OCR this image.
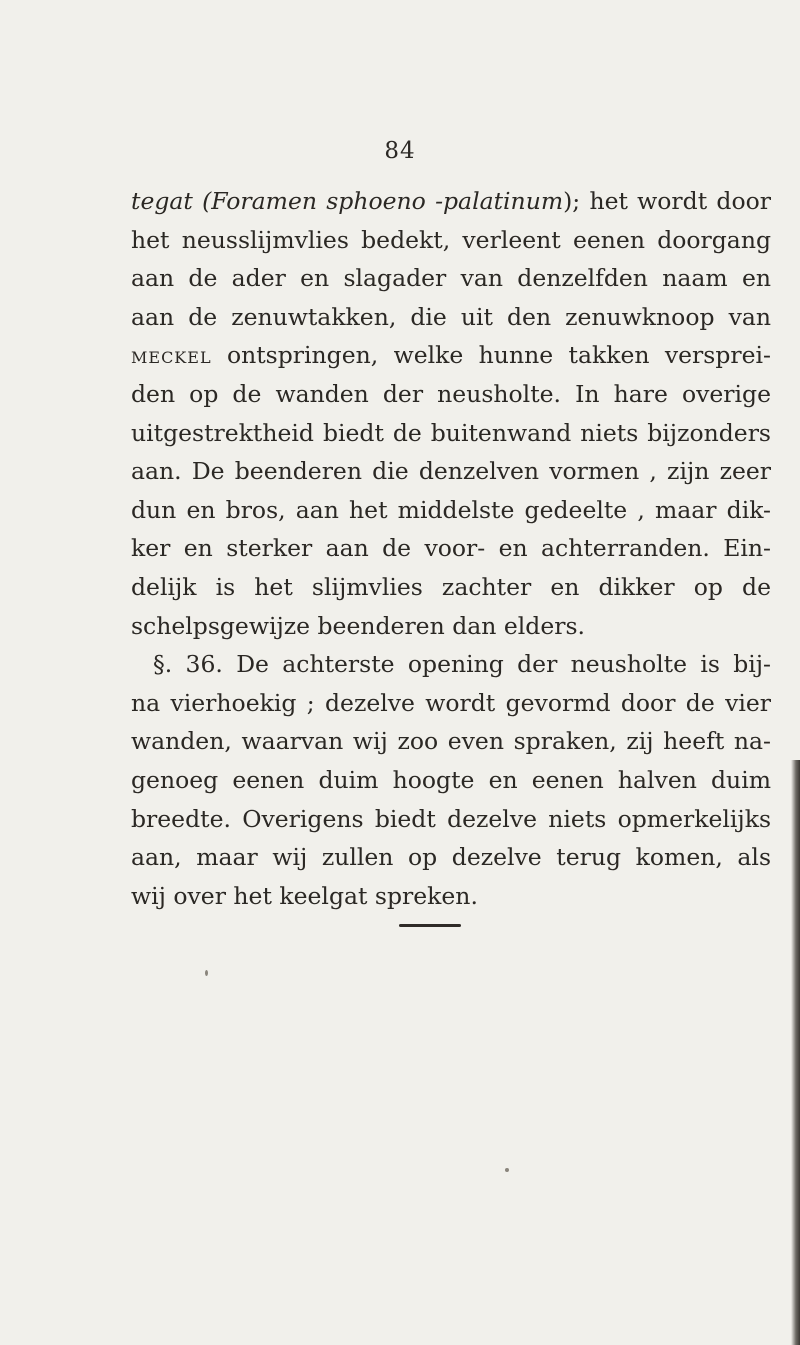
84
tegat (Foramen sphoeno -palatinum); het wordt door
het neusslijmvlies bedekt, verleent eenen doorgang
aan de ader en slagader van denzelfden naam en
aan de zenuwtakken, die uit den zenuwknoop van
meckel ontspringen, welke hunne takken versprei-
den op de wanden der neusholte. In hare overige
uitgestrektheid biedt de buitenwand niets bijzonders
aan. De beenderen die denzelven vormen , zijn zeer
dun en bros, aan het middelste gedeelte , maar dik-
ker en sterker aan de voor- en achterranden. Ein-
delijk is het slijmvlies zachter en dikker op de
schelpsgewijze beenderen dan elders.
§. 36. De achterste opening der neusholte is bij-
na vierhoekig ; dezelve wordt gevormd door de vier
wanden, waarvan wij zoo even spraken, zij heeft na-
genoeg eenen duim hoogte en eenen halven duim
breedte. Overigens biedt dezelve niets opmerkelijks
aan, maar wij zullen op dezelve terug komen, als
wij over het keelgat spreken.
